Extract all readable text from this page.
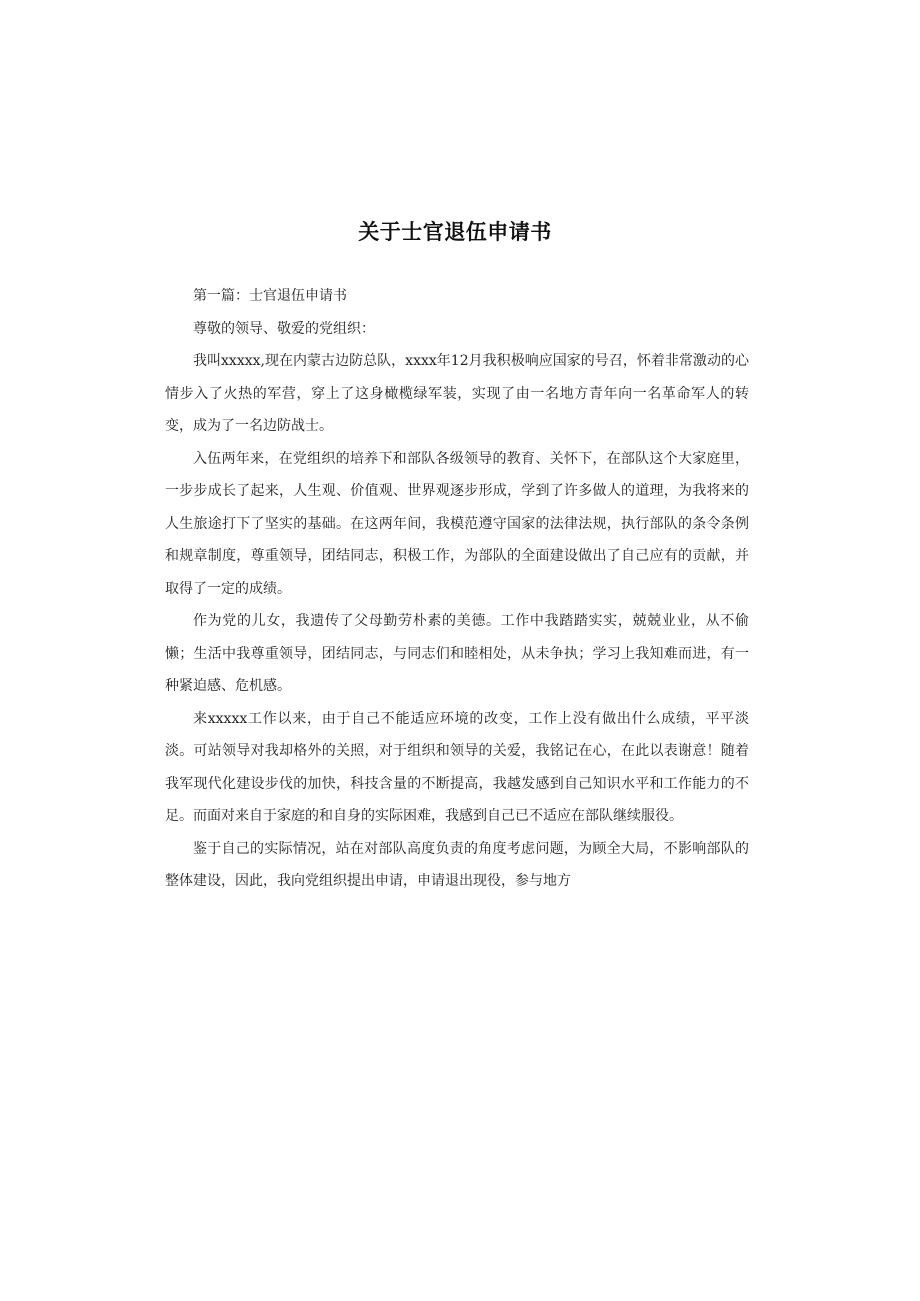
关于士官退伍申请书

第一篇：士官退伍申请书

尊敬的领导、敬爱的党组织：

我叫xxxxx,现在内蒙古边防总队，xxxx年12月我积极响应国家的号召，怀着非常激动的心情步入了火热的军营，穿上了这身橄榄绿军装，实现了由一名地方青年向一名革命军人的转变，成为了一名边防战士。

入伍两年来，在党组织的培养下和部队各级领导的教育、关怀下，在部队这个大家庭里，一步步成长了起来，人生观、价值观、世界观逐步形成，学到了许多做人的道理，为我将来的人生旅途打下了坚实的基础。在这两年间，我模范遵守国家的法律法规，执行部队的条令条例和规章制度，尊重领导，团结同志，积极工作，为部队的全面建设做出了自己应有的贡献，并取得了一定的成绩。

作为党的儿女，我遗传了父母勤劳朴素的美德。工作中我踏踏实实，兢兢业业，从不偷懒；生活中我尊重领导，团结同志，与同志们和睦相处，从未争执；学习上我知难而进，有一种紧迫感、危机感。

来xxxxx工作以来，由于自己不能适应环境的改变，工作上没有做出什么成绩，平平淡淡。可站领导对我却格外的关照，对于组织和领导的关爱，我铭记在心，在此以表谢意！随着我军现代化建设步伐的加快，科技含量的不断提高，我越发感到自己知识水平和工作能力的不足。而面对来自于家庭的和自身的实际困难，我感到自己已不适应在部队继续服役。

鉴于自己的实际情况，站在对部队高度负责的角度考虑问题，为顾全大局，不影响部队的整体建设，因此，我向党组织提出申请，申请退出现役，参与地方
